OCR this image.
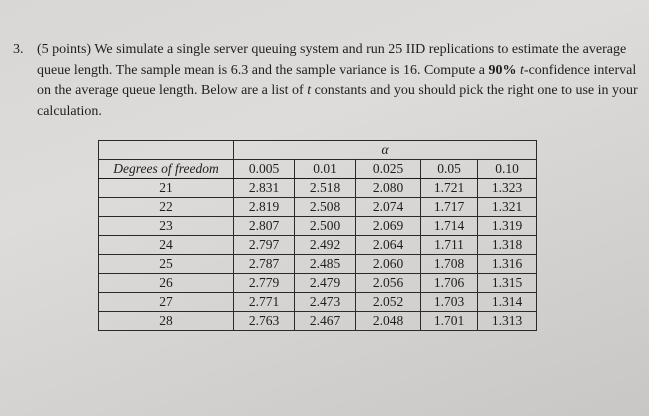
3. (5 points) We simulate a single server queuing system and run 25 IID replications to estimate the average queue length. The sample mean is 6.3 and the sample variance is 16. Compute a 90% t-confidence interval on the average queue length. Below are a list of t constants and you should pick the right one to use in your calculation.
	α				
Degrees of freedom	0.005	0.01	0.025	0.05	0.10
21	2.831	2.518	2.080	1.721	1.323
22	2.819	2.508	2.074	1.717	1.321
23	2.807	2.500	2.069	1.714	1.319
24	2.797	2.492	2.064	1.711	1.318
25	2.787	2.485	2.060	1.708	1.316
26	2.779	2.479	2.056	1.706	1.315
27	2.771	2.473	2.052	1.703	1.314
28	2.763	2.467	2.048	1.701	1.313
